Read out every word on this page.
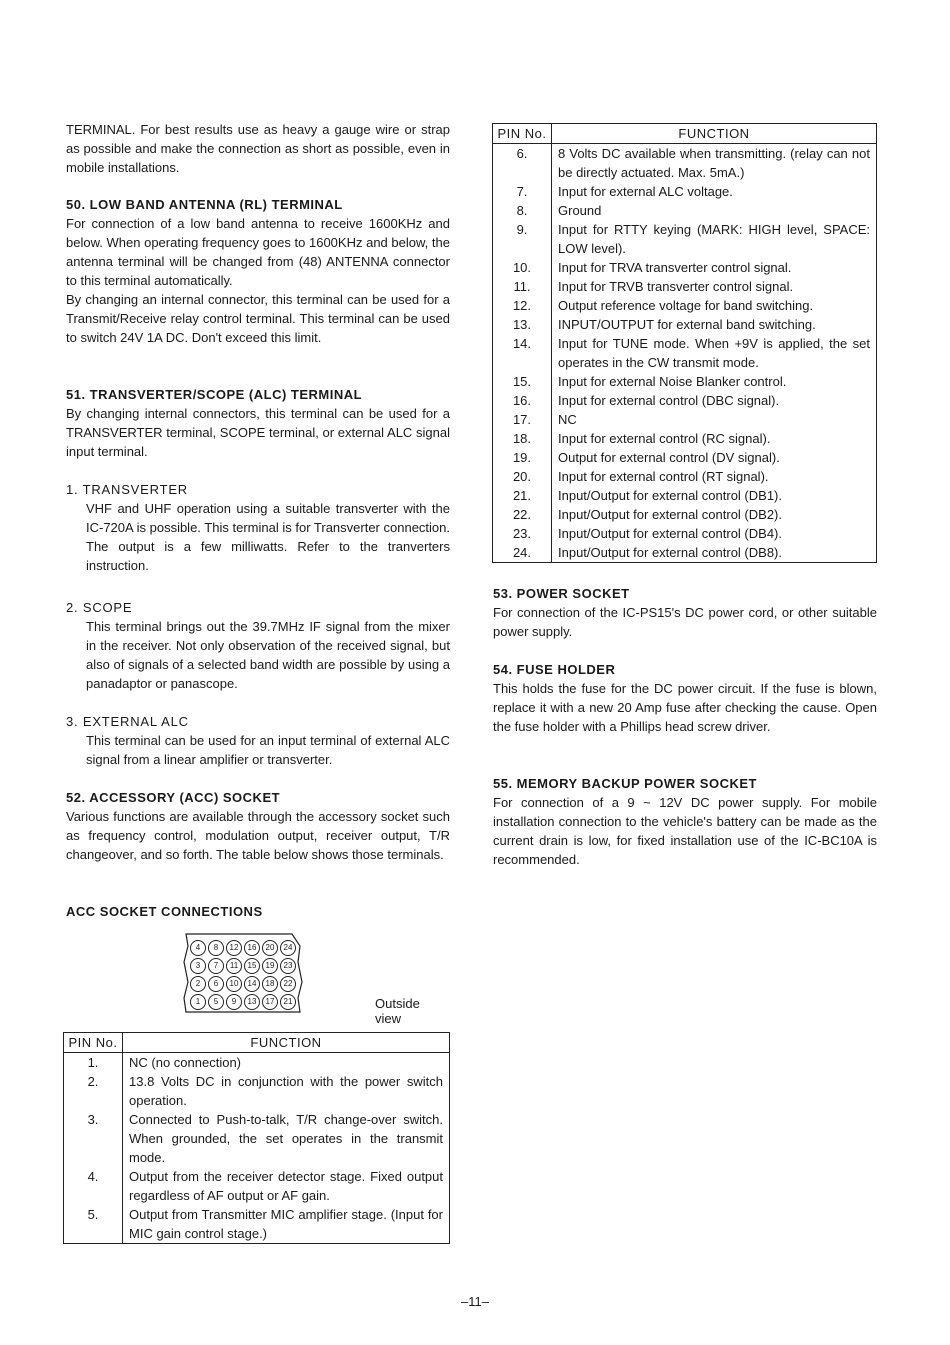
TERMINAL. For best results use as heavy a gauge wire or strap as possible and make the connection as short as possible, even in mobile installations.

50. LOW BAND ANTENNA (RL) TERMINAL

For connection of a low band antenna to receive 1600KHz and below. When operating frequency goes to 1600KHz and below, the antenna terminal will be changed from (48) ANTENNA connector to this terminal automatically.

By changing an internal connector, this terminal can be used for a Transmit/Receive relay control terminal. This terminal can be used to switch 24V 1A DC. Don't exceed this limit.

51. TRANSVERTER/SCOPE (ALC) TERMINAL

By changing internal connectors, this terminal can be used for a TRANSVERTER terminal, SCOPE terminal, or external ALC signal input terminal.

1. TRANSVERTER

VHF and UHF operation using a suitable transverter with the IC-720A is possible. This terminal is for Transverter connection. The output is a few milliwatts. Refer to the tranverters instruction.

2. SCOPE

This terminal brings out the 39.7MHz IF signal from the mixer in the receiver. Not only observation of the received signal, but also of signals of a selected band width are possible by using a panadaptor or panascope.

3. EXTERNAL ALC

This terminal can be used for an input terminal of external ALC signal from a linear amplifier or transverter.

52. ACCESSORY (ACC) SOCKET

Various functions are available through the accessory socket such as frequency control, modulation output, receiver output, T/R changeover, and so forth. The table below shows those terminals.

ACC SOCKET CONNECTIONS
4	8	12	16	20	24
3	7	11	15	19	23
2	6	10	14	18	22
1	5	9	13	17	21	Outside view
PIN No.	FUNCTION
1.	NC (no connection)
2.	13.8 Volts DC in conjunction with the power switch operation.
3.	Connected to Push-to-talk, T/R change-over switch. When grounded, the set operates in the transmit mode.
4.	Output from the receiver detector stage. Fixed output regardless of AF output or AF gain.
5.	Output from Transmitter MIC amplifier stage. (Input for MIC gain control stage.)
PIN No.	FUNCTION
6.	8 Volts DC available when transmitting. (relay can not be directly actuated. Max. 5mA.)
7.	Input for external ALC voltage.
8.	Ground
9.	Input for RTTY keying (MARK: HIGH level, SPACE: LOW level).
10.	Input for TRVA transverter control signal.
11.	Input for TRVB transverter control signal.
12.	Output reference voltage for band switching.
13.	INPUT/OUTPUT for external band switching.
14.	Input for TUNE mode. When +9V is applied, the set operates in the CW transmit mode.
15.	Input for external Noise Blanker control.
16.	Input for external control (DBC signal).
17.	NC
18.	Input for external control (RC signal).
19.	Output for external control (DV signal).
20.	Input for external control (RT signal).
21.	Input/Output for external control (DB1).
22.	Input/Output for external control (DB2).
23.	Input/Output for external control (DB4).
24.	Input/Output for external control (DB8).
53. POWER SOCKET

For connection of the IC-PS15's DC power cord, or other suitable power supply.

54. FUSE HOLDER

This holds the fuse for the DC power circuit. If the fuse is blown, replace it with a new 20 Amp fuse after checking the cause. Open the fuse holder with a Phillips head screw driver.

55. MEMORY BACKUP POWER SOCKET

For connection of a 9 ~ 12V DC power supply. For mobile installation connection to the vehicle's battery can be made as the current drain is low, for fixed installation use of the IC-BC10A is recommended.

–11–
